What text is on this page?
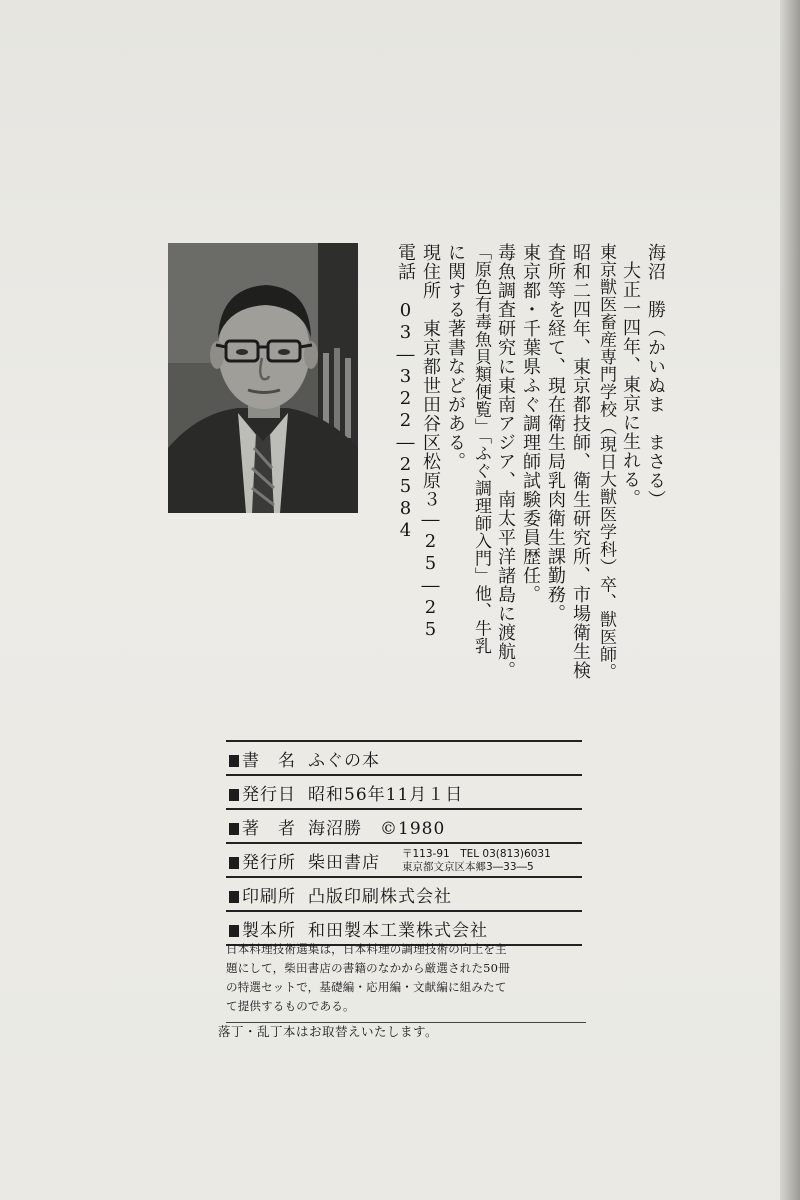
海沼　勝（かいぬま　まさる）
大正一四年、東京に生れる。
東京獣医畜産専門学校（現日大獣医学科）卒、獣医師。
昭和二四年、東京都技師、衛生研究所、市場衛生検
査所等を経て、現在衛生局乳肉衛生課勤務。
東京都・千葉県ふぐ調理師試験委員歴任。
毒魚調査研究に東南アジア、南太平洋諸島に渡航。
「原色有毒魚貝類便覧」「ふぐ調理師入門」他、牛乳
に関する著書などがある。
現住所　東京都世田谷区松原３―25―25
電話　03―322―2584
書　名 ふぐの本
発行日 昭和56年11月１日
著　者 海沼勝　©1980
発行所 柴田書店 〒113-91　TEL 03(813)6031
東京都文京区本郷3―33―5
印刷所 凸版印刷株式会社
製本所 和田製本工業株式会社
日本料理技術選集は，日本料理の調理技術の向上を主
題にして，柴田書店の書籍のなかから厳選された50冊
の特選セットで，基礎編・応用編・文献編に組みたて
て提供するものである。
落丁・乱丁本はお取替えいたします。
